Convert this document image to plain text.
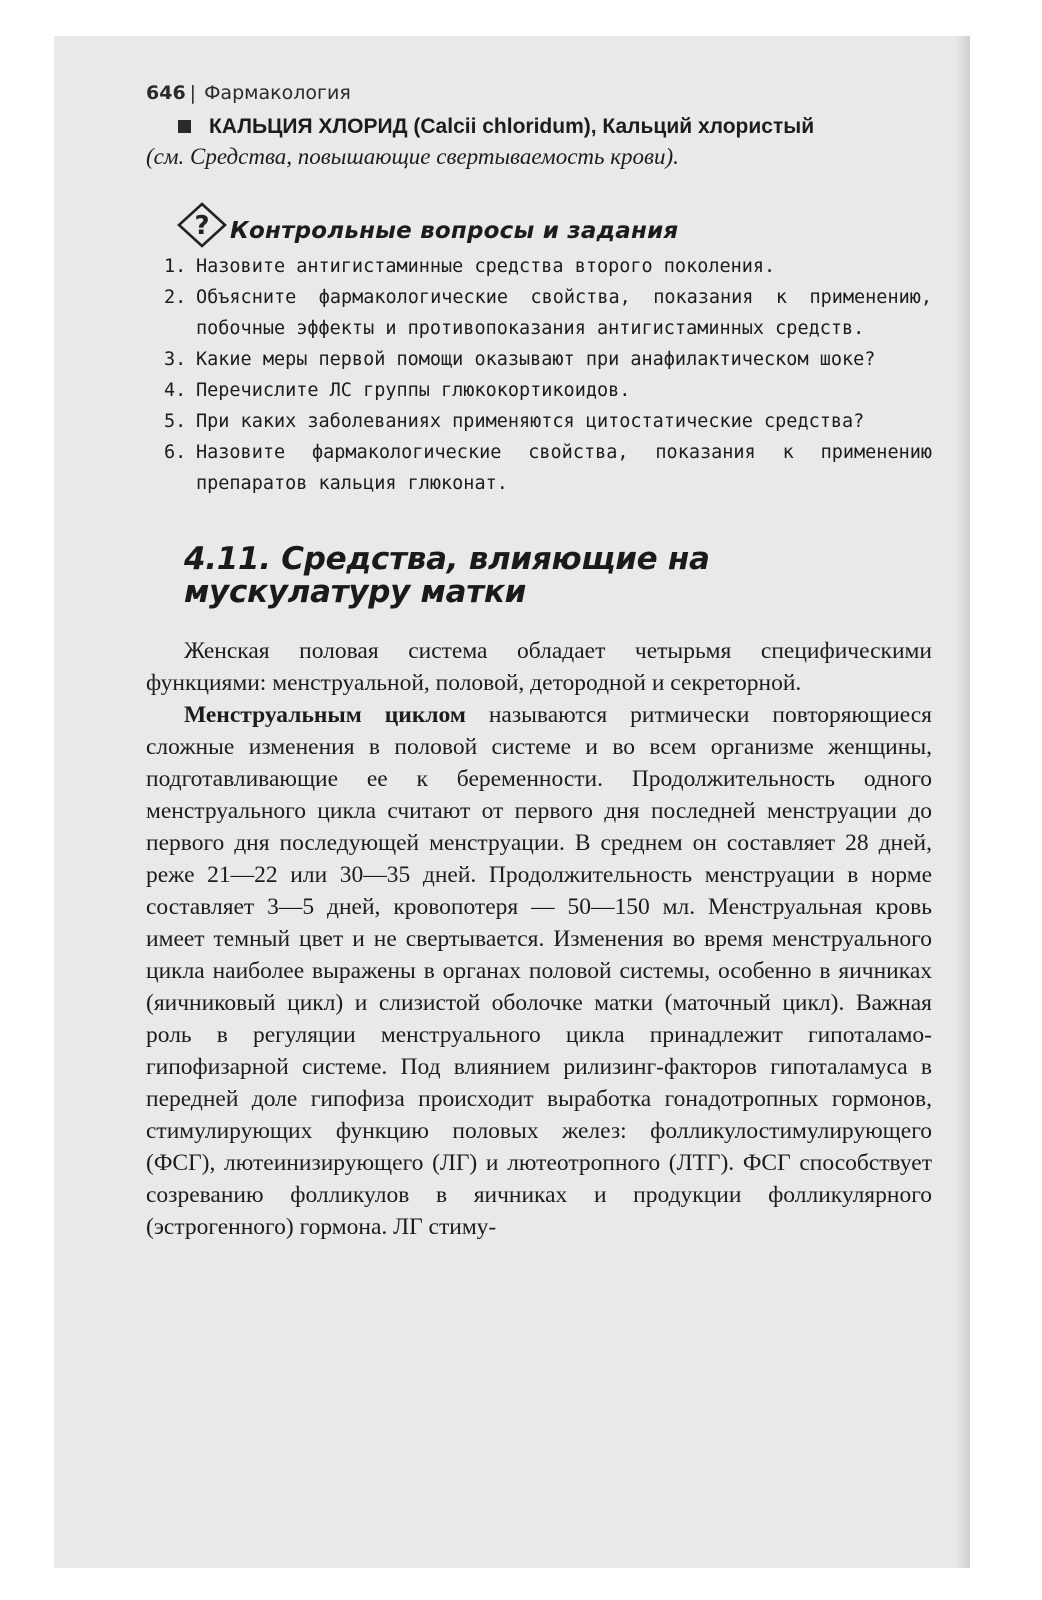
646 | Фармакология
КАЛЬЦИЯ ХЛОРИД (Calcii chloridum), Кальций хлористый
(см. Средства, повышающие свертываемость крови).
? Контрольные вопросы и задания
1. Назовите антигистаминные средства второго поколения.
2. Объясните фармакологические свойства, показания к применению, побочные эффекты и противопоказания антигистаминных средств.
3. Какие меры первой помощи оказывают при анафилактическом шоке?
4. Перечислите ЛС группы глюкокортикоидов.
5. При каких заболеваниях применяются цитостатические средства?
6. Назовите фармакологические свойства, показания к применению препаратов кальция глюконат.
4.11. Средства, влияющие на мускулатуру матки

Женская половая система обладает четырьмя специфическими функциями: менструальной, половой, детородной и секреторной.

Менструальным циклом называются ритмически повторяющиеся сложные изменения в половой системе и во всем организме женщины, подготавливающие ее к беременности. Продолжительность одного менструального цикла считают от первого дня последней менструации до первого дня последующей менструации. В среднем он составляет 28 дней, реже 21—22 или 30—35 дней. Продолжительность менструации в норме составляет 3—5 дней, кровопотеря — 50—150 мл. Менструальная кровь имеет темный цвет и не свертывается. Изменения во время менструального цикла наиболее выражены в органах половой системы, особенно в яичниках (яичниковый цикл) и слизистой оболочке матки (маточный цикл). Важная роль в регуляции менструального цикла принадлежит гипоталамо-гипофизарной системе. Под влиянием рилизинг-факторов гипоталамуса в передней доле гипофиза происходит выработка гонадотропных гормонов, стимулирующих функцию половых желез: фолликулостимулирующего (ФСГ), лютеинизирующего (ЛГ) и лютеотропного (ЛТГ). ФСГ способствует созреванию фолликулов в яичниках и продукции фолликулярного (эстрогенного) гормона. ЛГ стиму-
